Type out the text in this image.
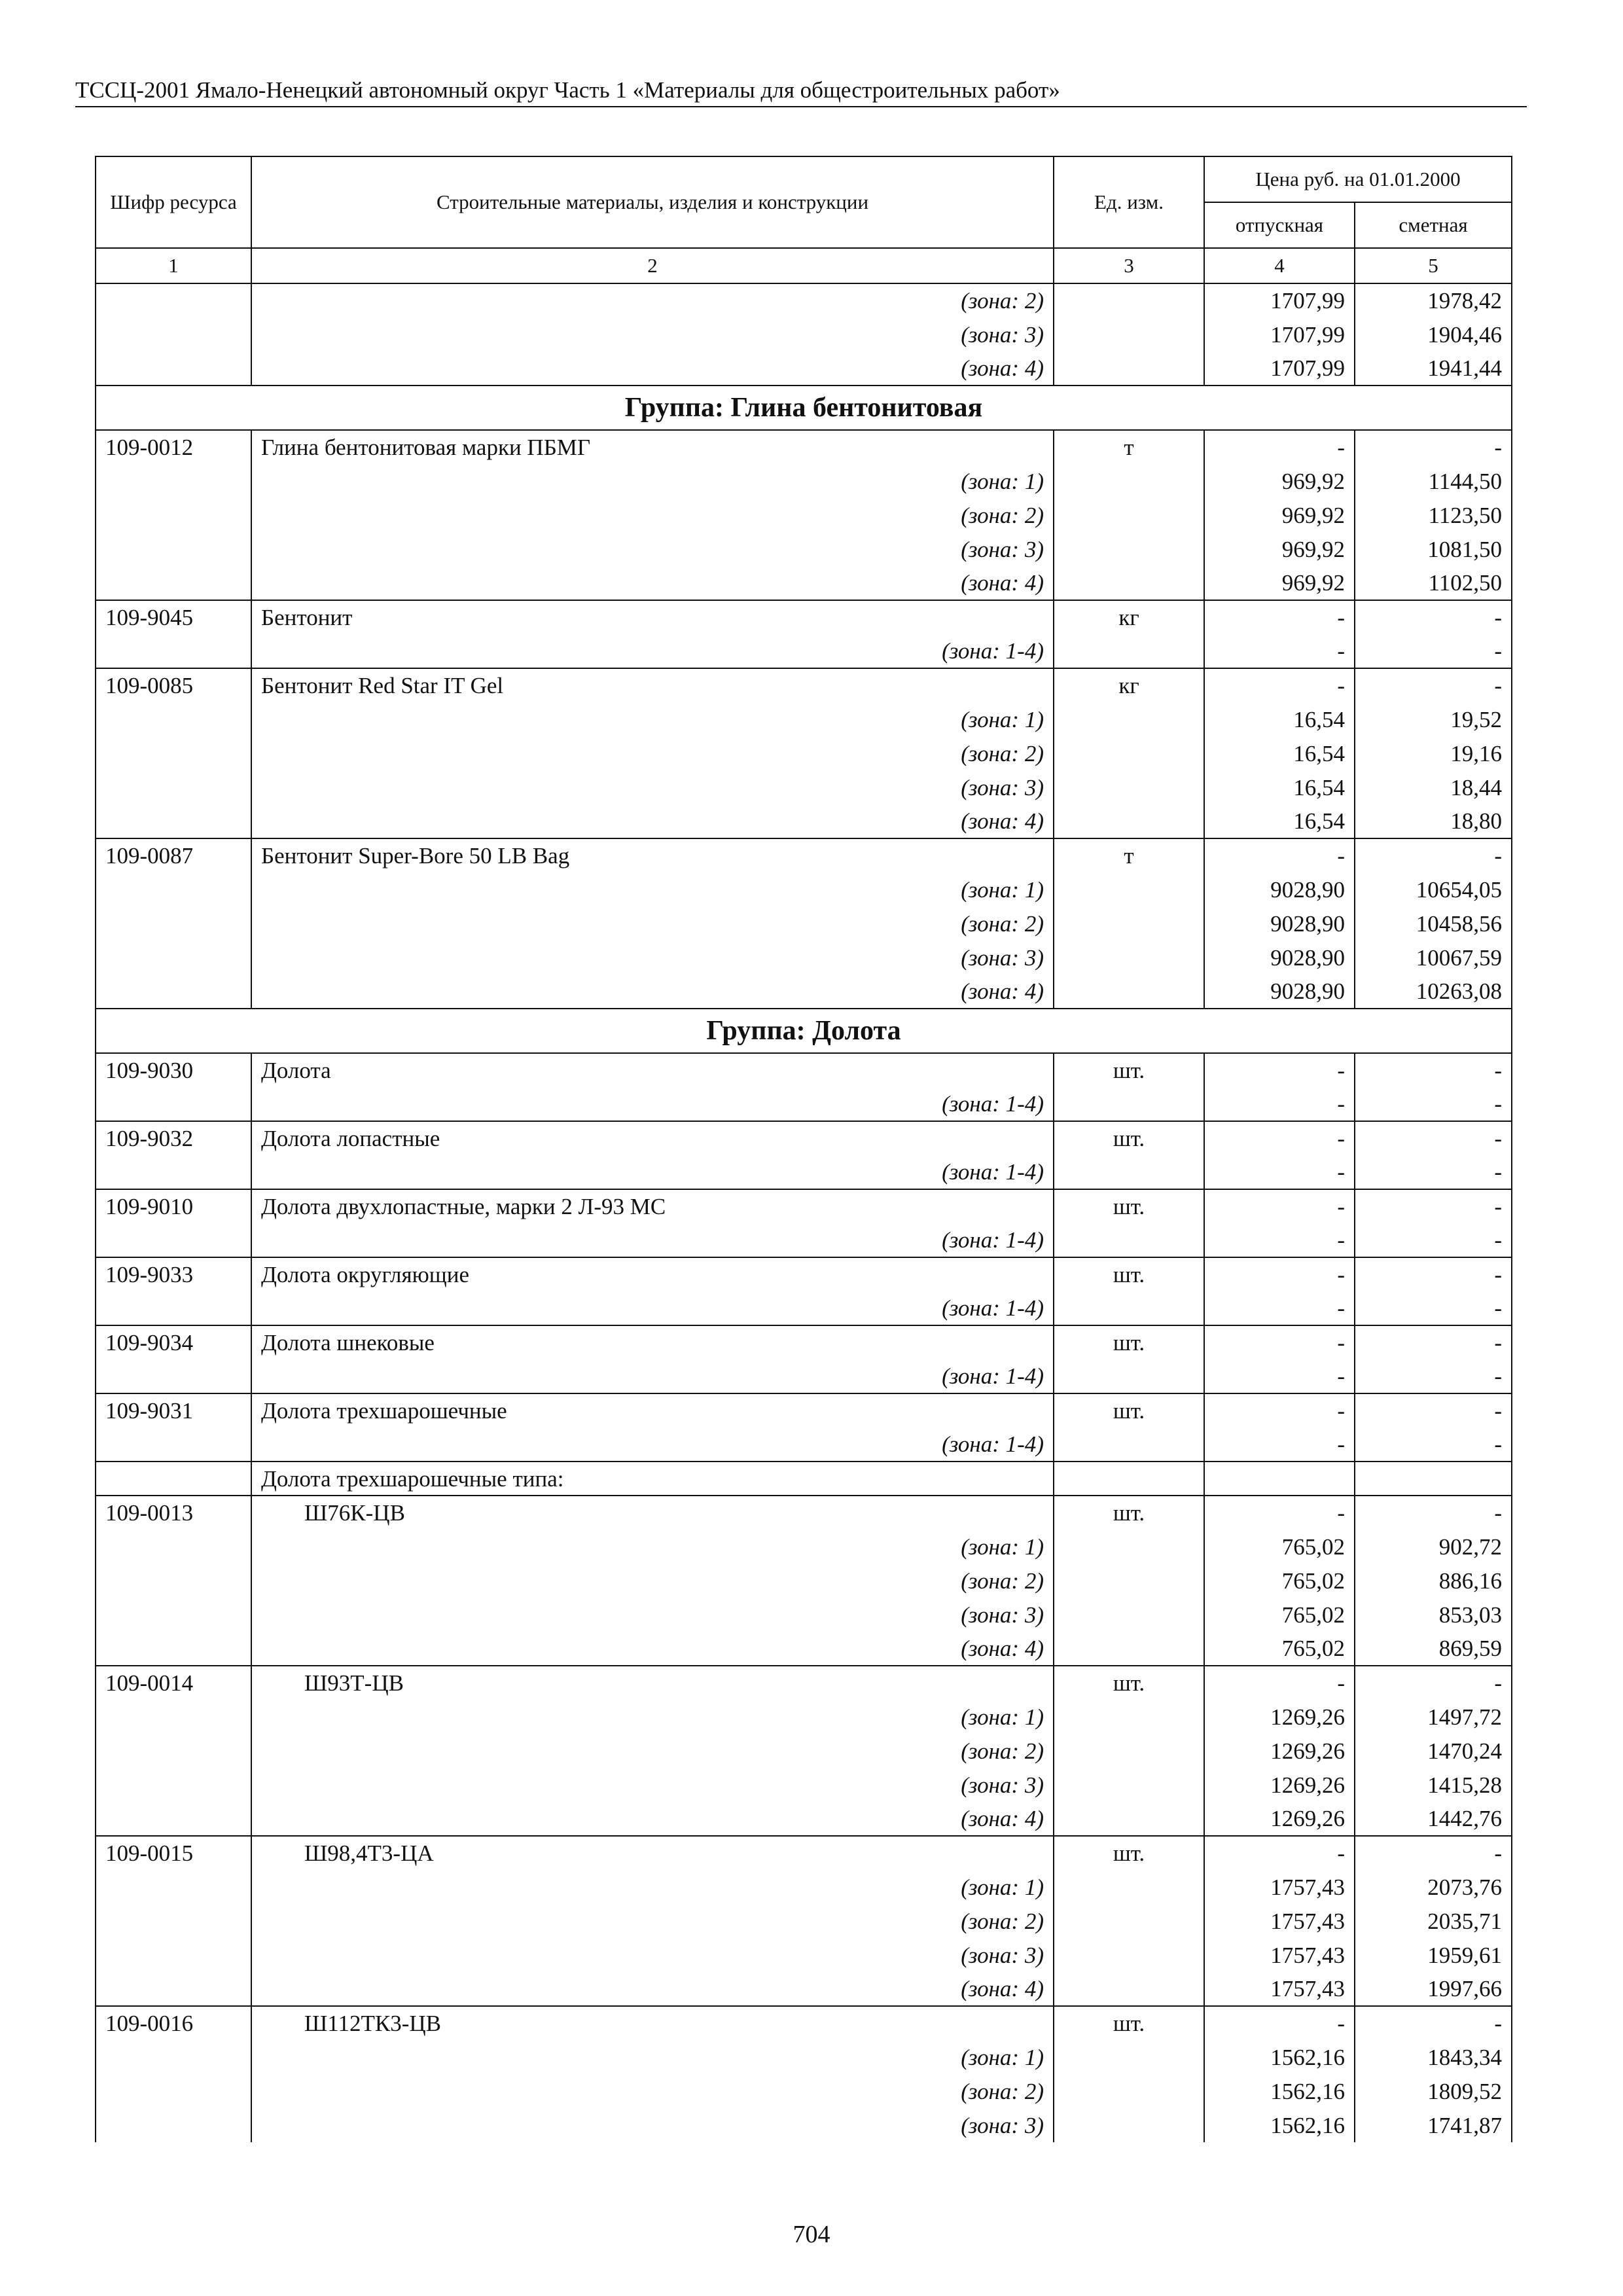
ТССЦ-2001 Ямало-Ненецкий автономный округ Часть 1 «Материалы для общестроительных работ»
Шифр ресурса	Строительные материалы, изделия и конструкции	Ед. изм.	Цена руб. на 01.01.2000	
			отпускная	сметная
1	2	3	4	5
	(зона: 2)		1707,99	1978,42
	(зона: 3)		1707,99	1904,46
	(зона: 4)		1707,99	1941,44
Группа: Глина бентонитовая				
109-0012	Глина бентонитовая марки ПБМГ	т	-	-
	(зона: 1)		969,92	1144,50
	(зона: 2)		969,92	1123,50
	(зона: 3)		969,92	1081,50
	(зона: 4)		969,92	1102,50
109-9045	Бентонит	кг	-	-
	(зона: 1-4)		-	-
109-0085	Бентонит Red Star IT Gel	кг	-	-
	(зона: 1)		16,54	19,52
	(зона: 2)		16,54	19,16
	(зона: 3)		16,54	18,44
	(зона: 4)		16,54	18,80
109-0087	Бентонит Super-Bore 50 LB Bag	т	-	-
	(зона: 1)		9028,90	10654,05
	(зона: 2)		9028,90	10458,56
	(зона: 3)		9028,90	10067,59
	(зона: 4)		9028,90	10263,08
Группа: Долота				
109-9030	Долота	шт.	-	-
	(зона: 1-4)		-	-
109-9032	Долота лопастные	шт.	-	-
	(зона: 1-4)		-	-
109-9010	Долота двухлопастные, марки 2 Л-93 МС	шт.	-	-
	(зона: 1-4)		-	-
109-9033	Долота округляющие	шт.	-	-
	(зона: 1-4)		-	-
109-9034	Долота шнековые	шт.	-	-
	(зона: 1-4)		-	-
109-9031	Долота трехшарошечные	шт.	-	-
	(зона: 1-4)		-	-
	Долота трехшарошечные типа:			
109-0013	Ш76К-ЦВ	шт.	-	-
	(зона: 1)		765,02	902,72
	(зона: 2)		765,02	886,16
	(зона: 3)		765,02	853,03
	(зона: 4)		765,02	869,59
109-0014	Ш93Т-ЦВ	шт.	-	-
	(зона: 1)		1269,26	1497,72
	(зона: 2)		1269,26	1470,24
	(зона: 3)		1269,26	1415,28
	(зона: 4)		1269,26	1442,76
109-0015	Ш98,4Т3-ЦА	шт.	-	-
	(зона: 1)		1757,43	2073,76
	(зона: 2)		1757,43	2035,71
	(зона: 3)		1757,43	1959,61
	(зона: 4)		1757,43	1997,66
109-0016	Ш112ТК3-ЦВ	шт.	-	-
	(зона: 1)		1562,16	1843,34
	(зона: 2)		1562,16	1809,52
	(зона: 3)		1562,16	1741,87
704
